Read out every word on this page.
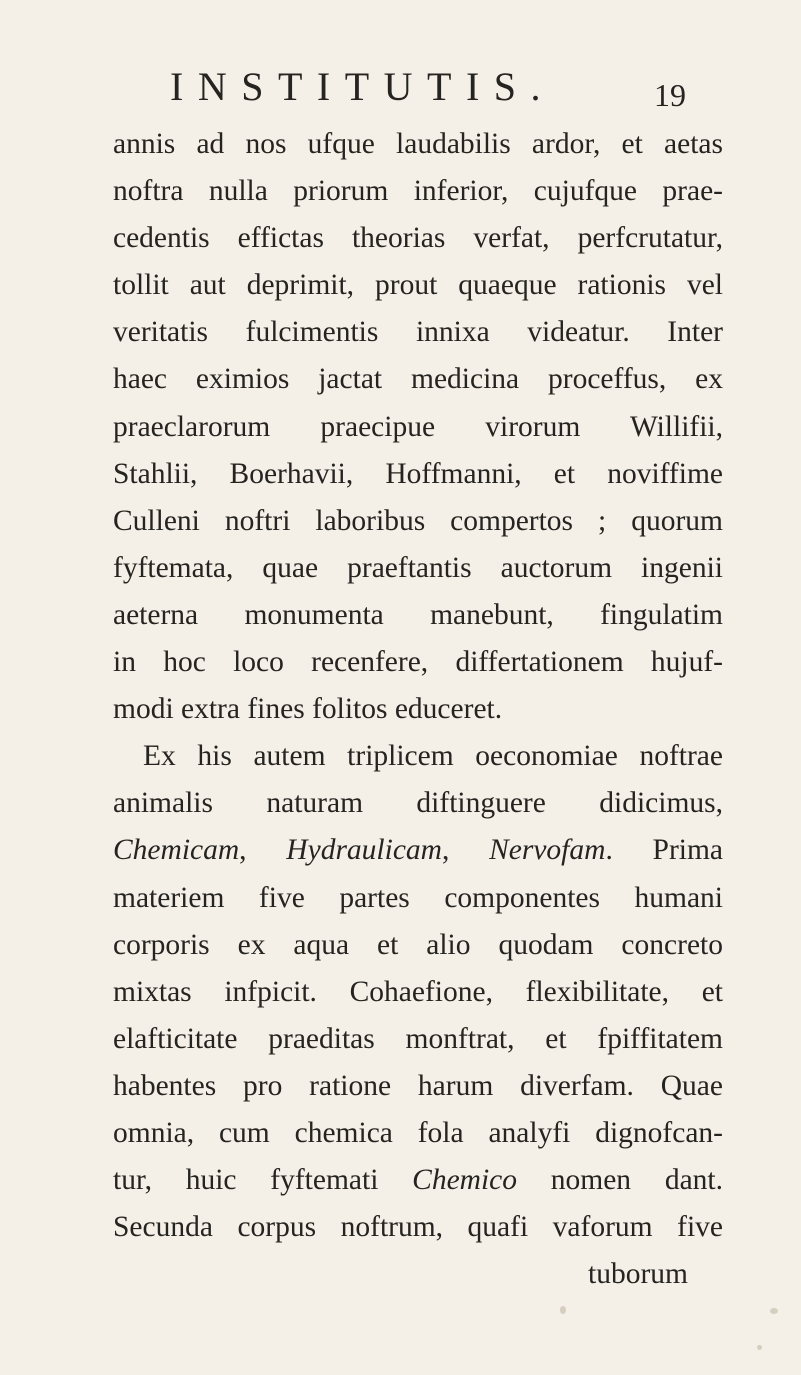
INSTITUTIS.	19
annis ad nos ufque laudabilis ardor, et aetas
noftra nulla priorum inferior, cujufque prae-
cedentis effictas theorias verfat, perfcrutatur,
tollit aut deprimit, prout quaeque rationis vel
veritatis fulcimentis innixa videatur. Inter
haec eximios jactat medicina proceffus, ex
praeclarorum praecipue virorum Willifii,
Stahlii, Boerhavii, Hoffmanni, et noviffime
Culleni noftri laboribus compertos ; quorum
fyftemata, quae praeftantis auctorum ingenii
aeterna monumenta manebunt, fingulatim
in hoc loco recenfere, differtationem hujuf-
modi extra fines folitos educeret.
Ex his autem triplicem oeconomiae noftrae
animalis naturam diftinguere didicimus,
Chemicam, Hydraulicam, Nervofam. Prima
materiem five partes componentes humani
corporis ex aqua et alio quodam concreto
mixtas infpicit. Cohaefione, flexibilitate, et
elafticitate praeditas monftrat, et fpiffitatem
habentes pro ratione harum diverfam. Quae
omnia, cum chemica fola analyfi dignofcan-
tur, huic fyftemati Chemico nomen dant.
Secunda corpus noftrum, quafi vaforum five
tuborum
